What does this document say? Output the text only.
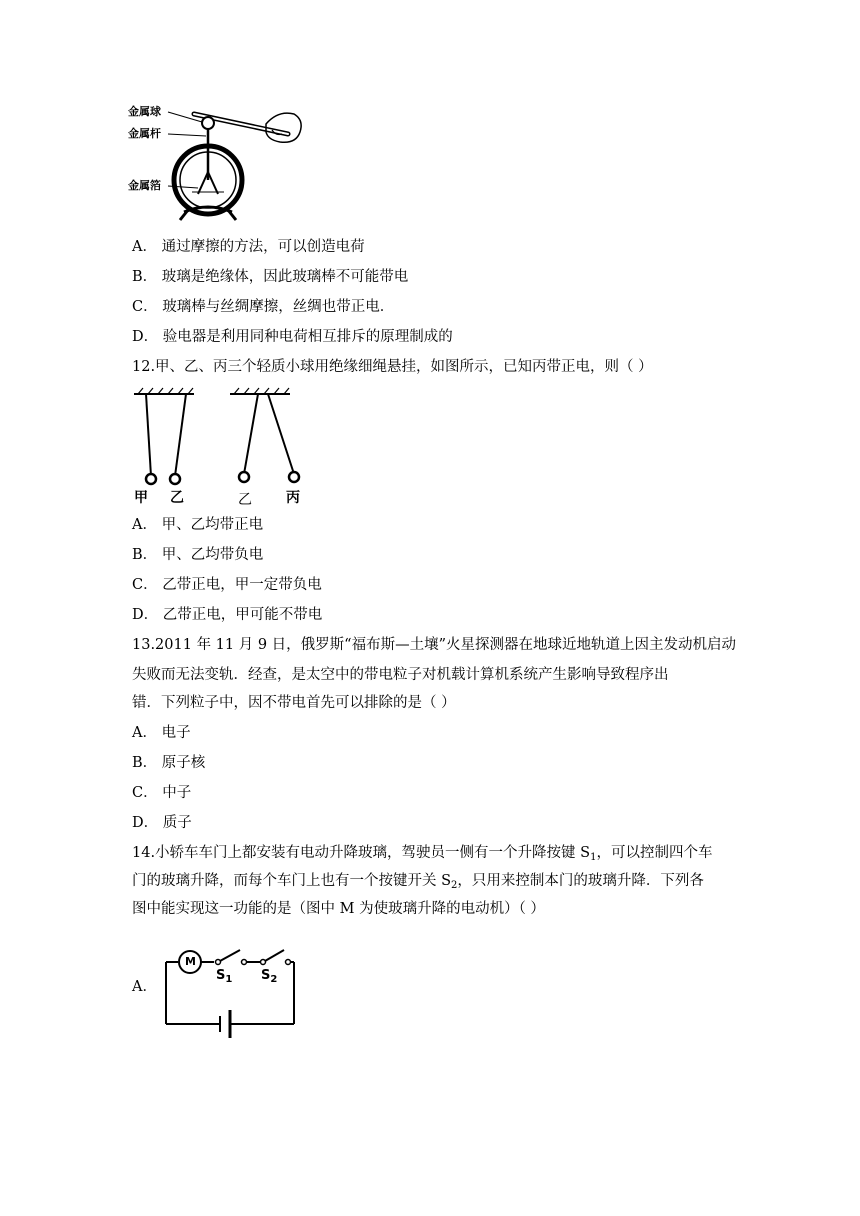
金属球
金属杆
金属箔
A． 通过摩擦的方法，可以创造电荷
B． 玻璃是绝缘体，因此玻璃棒不可能带电
C． 玻璃棒与丝绸摩擦，丝绸也带正电．
D． 验电器是利用同种电荷相互排斥的原理制成的
12.甲、乙、丙三个轻质小球用绝缘细绳悬挂，如图所示，已知丙带正电，则（ ）
甲 乙	乙 丙
A． 甲、乙均带正电
B． 甲、乙均带负电
C． 乙带正电，甲一定带负电
D． 乙带正电，甲可能不带电
13.2011 年 11 月 9 日，俄罗斯“福布斯—土壤”火星探测器在地球近地轨道上因主发动机启动
失败而无法变轨．经查，是太空中的带电粒子对机载计算机系统产生影响导致程序出
错．下列粒子中，因不带电首先可以排除的是（ ）
A． 电子
B． 原子核
C． 中子
D． 质子
14.小轿车车门上都安装有电动升降玻璃，驾驶员一侧有一个升降按键 $S_1$，可以控制四个车
门的玻璃升降，而每个车门上也有一个按键开关 $S_2$，只用来控制本门的玻璃升降．下列各
图中能实现这一功能的是（图中 M 为使玻璃升降的电动机）（ ）
A．
M
$S_1$ $S_2$
